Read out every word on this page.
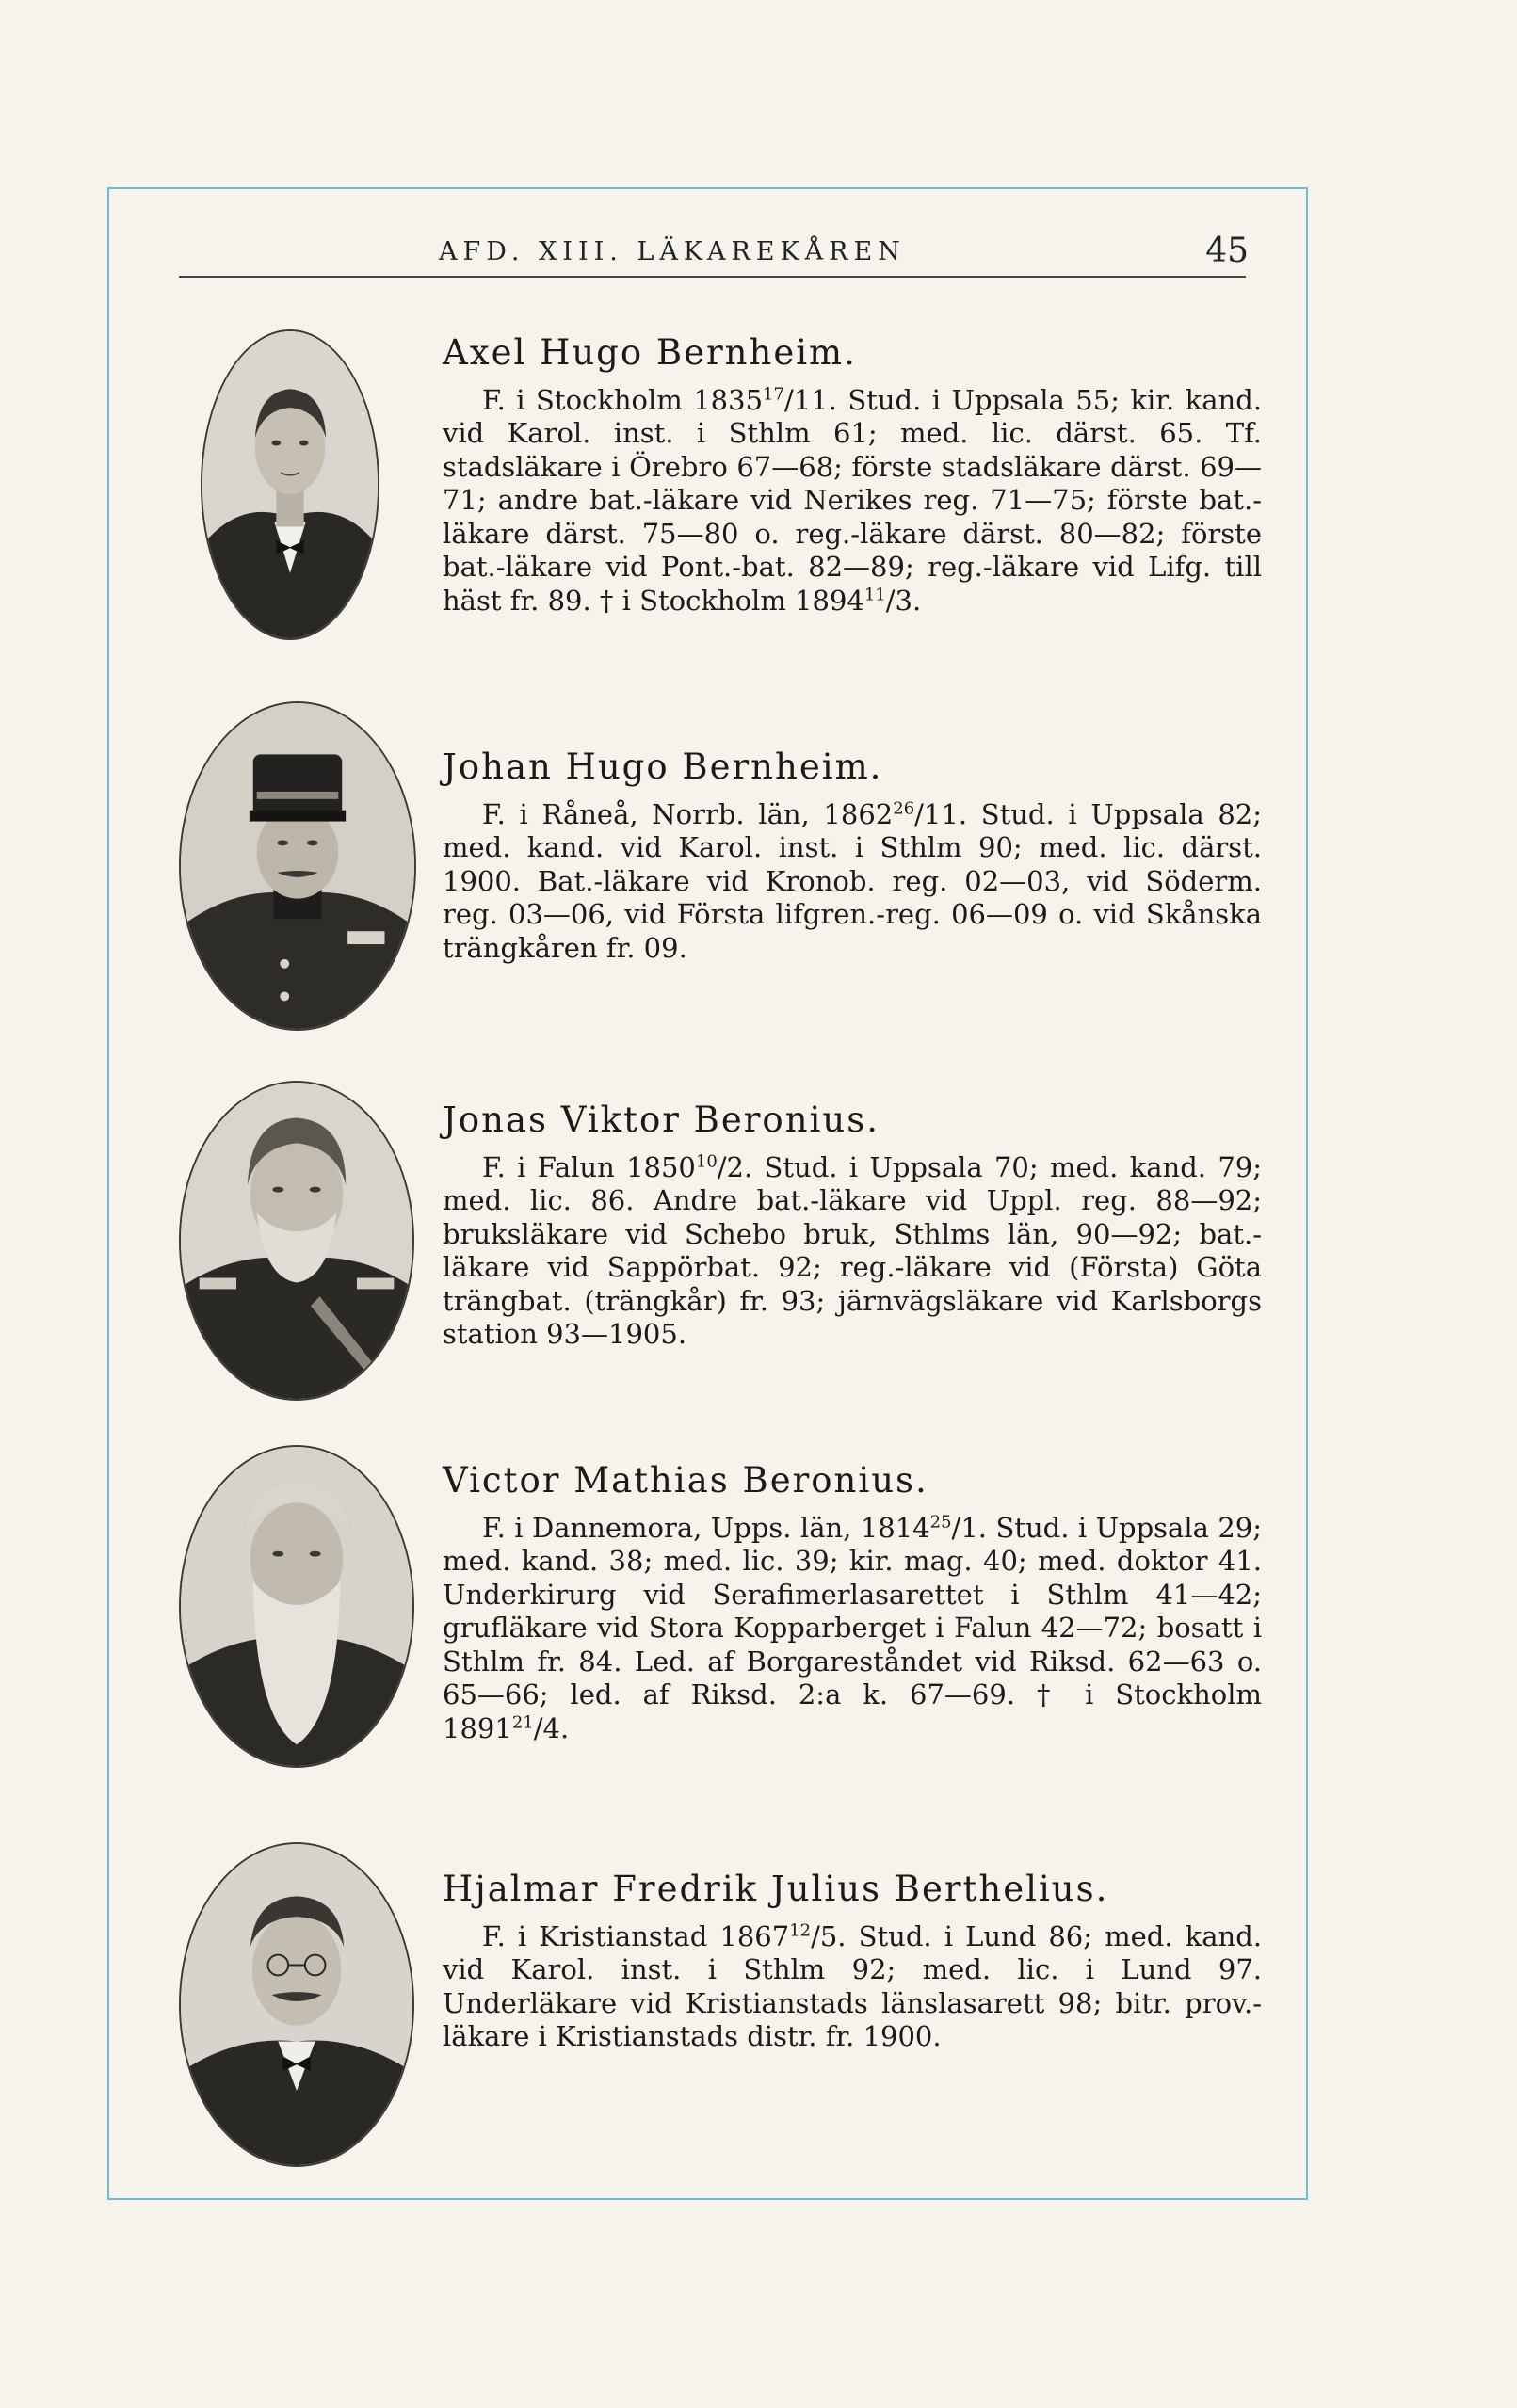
AFD. XIII. LÄKAREKÅREN	45
Axel Hugo Bernheim.

F. i Stockholm 1835$^{17}$/11. Stud. i Uppsala 55; kir. kand. vid Karol. inst. i Sthlm 61; med. lic. därst. 65. Tf. stadsläkare i Örebro 67—68; förste stadsläkare därst. 69—71; andre bat.-läkare vid Nerikes reg. 71—75; förste bat.-läkare därst. 75—80 o. reg.-läkare därst. 80—82; förste bat.-läkare vid Pont.-bat. 82—89; reg.-läkare vid Lifg. till häst fr. 89. † i Stockholm 1894$^{11}$/3.

Johan Hugo Bernheim.

F. i Råneå, Norrb. län, 1862$^{26}$/11. Stud. i Uppsala 82; med. kand. vid Karol. inst. i Sthlm 90; med. lic. därst. 1900. Bat.-läkare vid Kronob. reg. 02—03, vid Söderm. reg. 03—06, vid Första lifgren.-reg. 06—09 o. vid Skånska trängkåren fr. 09.

Jonas Viktor Beronius.

F. i Falun 1850$^{10}$/2. Stud. i Uppsala 70; med. kand. 79; med. lic. 86. Andre bat.-läkare vid Uppl. reg. 88—92; bruksläkare vid Schebo bruk, Sthlms län, 90—92; bat.-läkare vid Sappörbat. 92; reg.-läkare vid (Första) Göta trängbat. (trängkår) fr. 93; järnvägsläkare vid Karlsborgs station 93—1905.

Victor Mathias Beronius.

F. i Dannemora, Upps. län, 1814$^{25}$/1. Stud. i Uppsala 29; med. kand. 38; med. lic. 39; kir. mag. 40; med. doktor 41. Underkirurg vid Serafimerlasarettet i Sthlm 41—42; grufläkare vid Stora Kopparberget i Falun 42—72; bosatt i Sthlm fr. 84. Led. af Borgareståndet vid Riksd. 62—63 o. 65—66; led. af Riksd. 2:a k. 67—69. † i Stockholm 1891$^{21}$/4.

Hjalmar Fredrik Julius Berthelius.

F. i Kristianstad 1867$^{12}$/5. Stud. i Lund 86; med. kand. vid Karol. inst. i Sthlm 92; med. lic. i Lund 97. Underläkare vid Kristianstads länslasarett 98; bitr. prov.-läkare i Kristianstads distr. fr. 1900.
